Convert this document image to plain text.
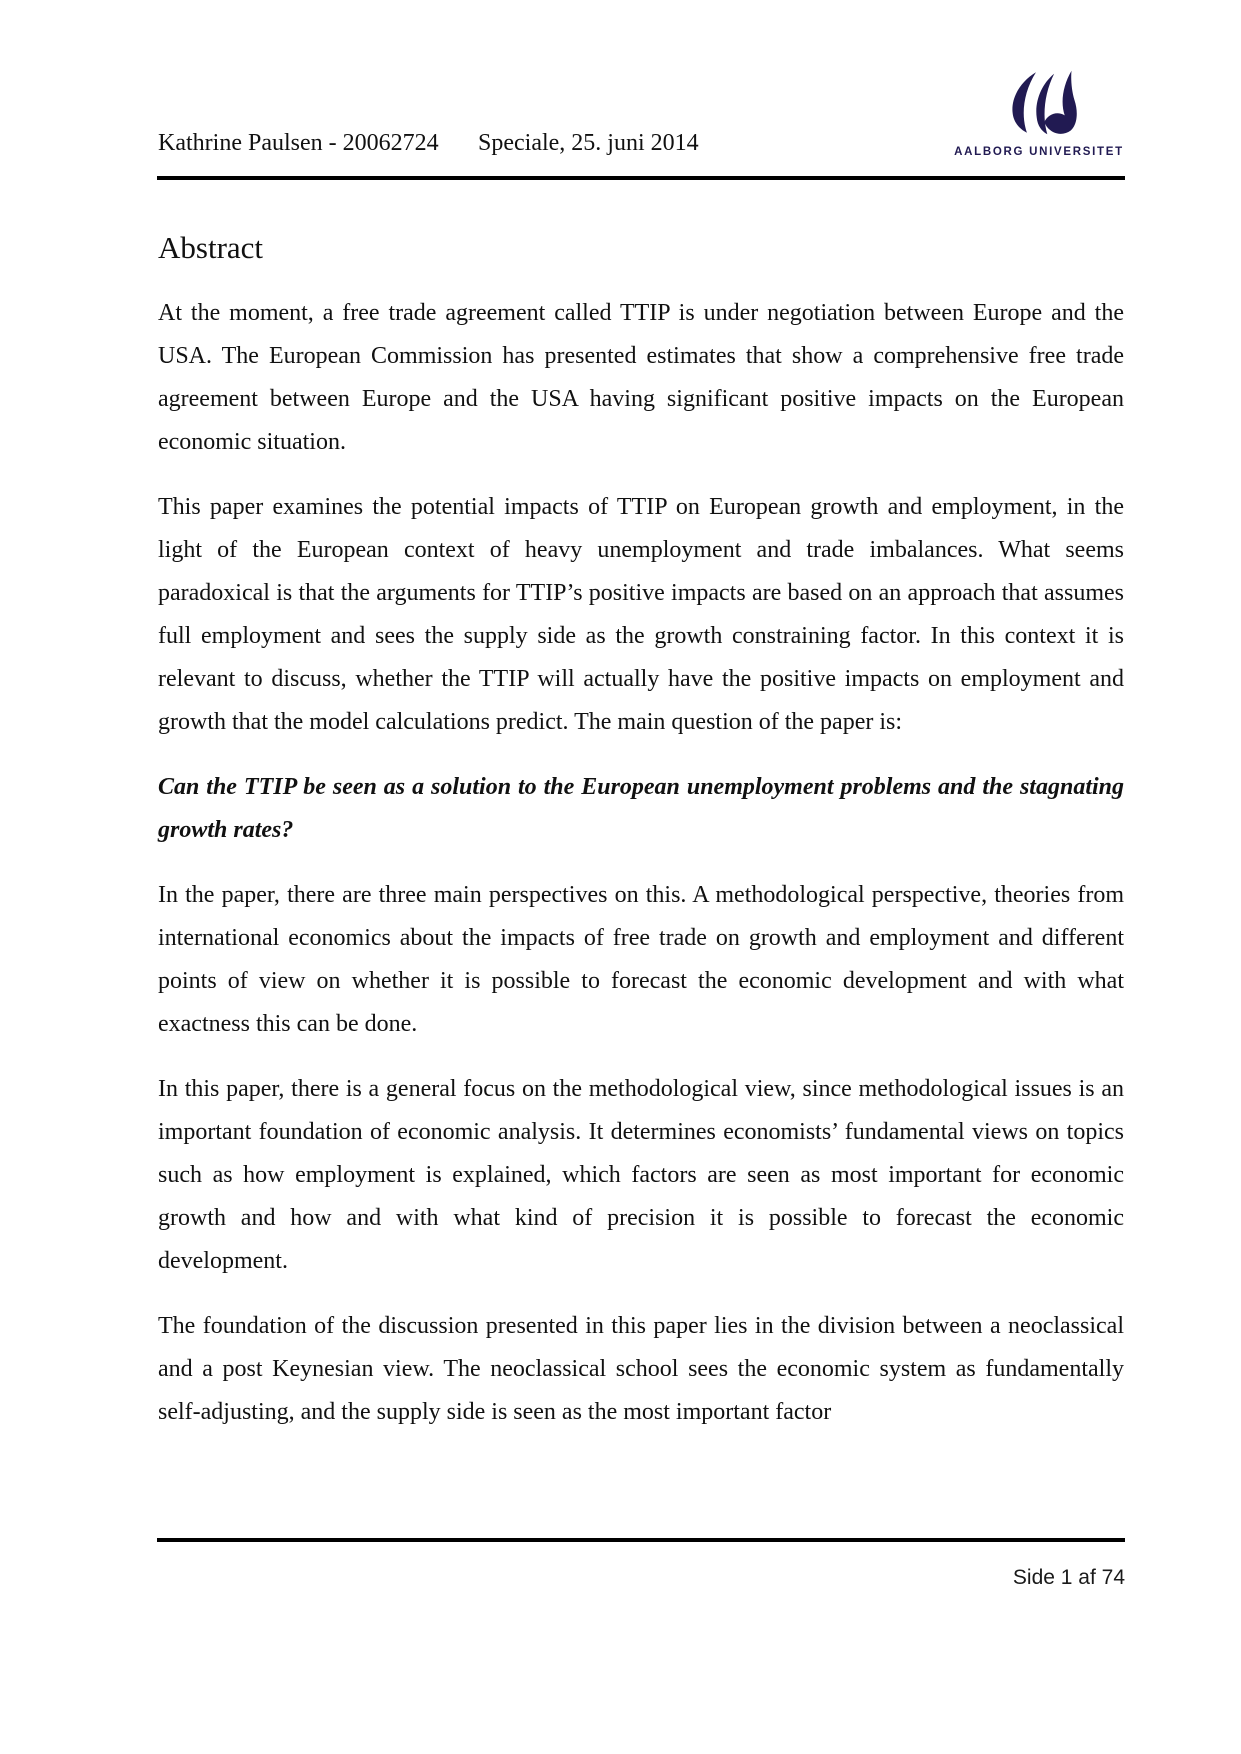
Kathrine Paulsen - 20062724 Speciale, 25. juni 2014	AALBORG UNIVERSITET
Abstract

At the moment, a free trade agreement called TTIP is under negotiation between Europe and the USA. The European Commission has presented estimates that show a comprehensive free trade agreement between Europe and the USA having significant positive impacts on the European economic situation.

This paper examines the potential impacts of TTIP on European growth and employment, in the light of the European context of heavy unemployment and trade imbalances. What seems paradoxical is that the arguments for TTIP’s positive impacts are based on an approach that assumes full employment and sees the supply side as the growth constraining factor. In this context it is relevant to discuss, whether the TTIP will actually have the positive impacts on employment and growth that the model calculations predict. The main question of the paper is:

Can the TTIP be seen as a solution to the European unemployment problems and the stagnating growth rates?

In the paper, there are three main perspectives on this. A methodological perspective, theories from international economics about the impacts of free trade on growth and employment and different points of view on whether it is possible to forecast the economic development and with what exactness this can be done.

In this paper, there is a general focus on the methodological view, since methodological issues is an important foundation of economic analysis. It determines economists’ fundamental views on topics such as how employment is explained, which factors are seen as most important for economic growth and how and with what kind of precision it is possible to forecast the economic development.

The foundation of the discussion presented in this paper lies in the division between a neoclassical and a post Keynesian view. The neoclassical school sees the economic system as fundamentally self-adjusting, and the supply side is seen as the most important factor

Side 1 af 74
